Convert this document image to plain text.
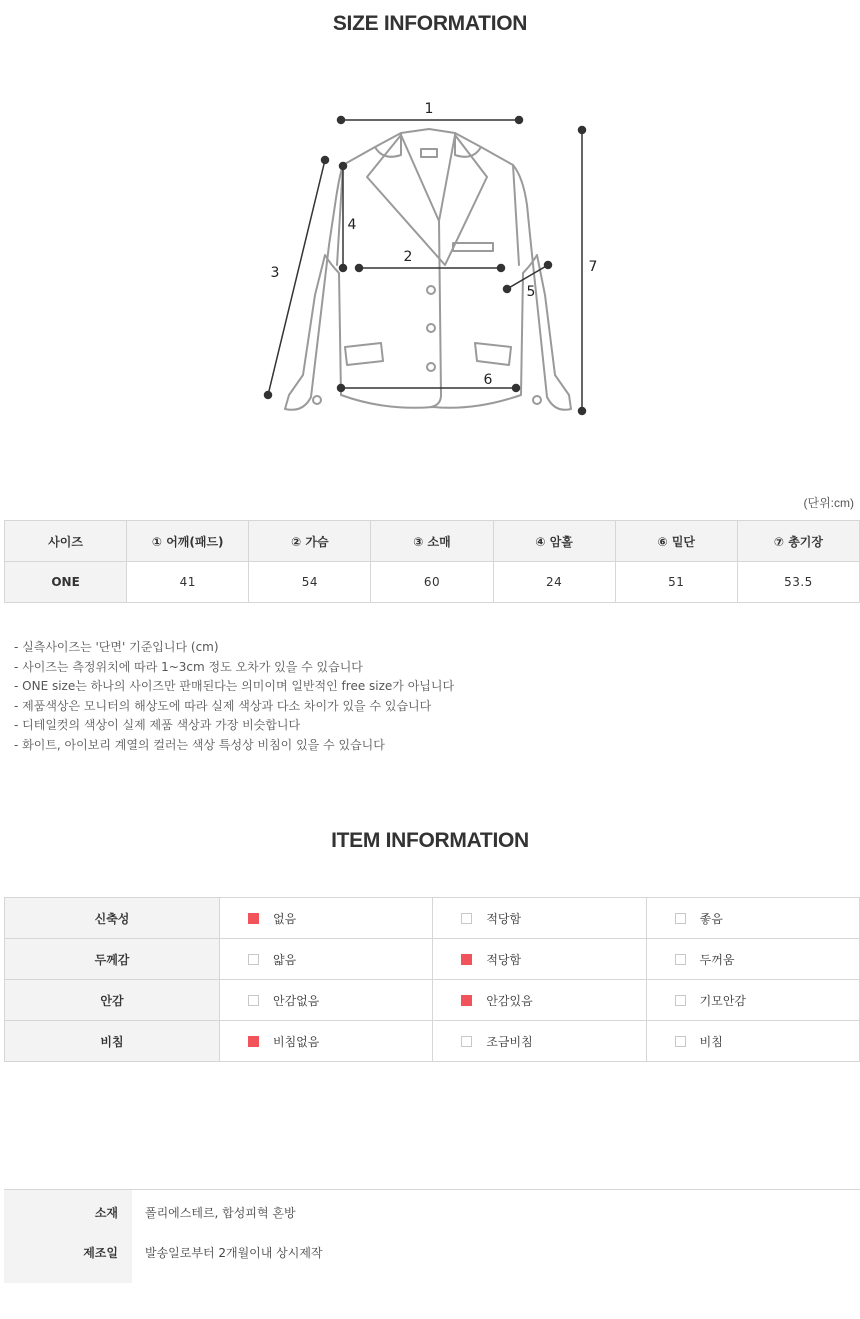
SIZE INFORMATION
1
2
3
4
5
6
7
(단위:cm)
사이즈	① 어깨(패드)	② 가슴	③ 소매	④ 암홀	⑥ 밑단	⑦ 총기장
ONE	41	54	60	24	51	53.5
- 실측사이즈는 '단면' 기준입니다 (cm)
- 사이즈는 측정위치에 따라 1~3cm 정도 오차가 있을 수 있습니다
- ONE size는 하나의 사이즈만 판매된다는 의미이며 일반적인 free size가 아닙니다
- 제품색상은 모니터의 해상도에 따라 실제 색상과 다소 차이가 있을 수 있습니다
- 디테일컷의 색상이 실제 제품 색상과 가장 비슷합니다
- 화이트, 아이보리 계열의 컬러는 색상 특성상 비침이 있을 수 있습니다
ITEM INFORMATION
신축성	없음	적당함	좋음
두께감	얇음	적당함	두꺼움
안감	안감없음	안감있음	기모안감
비침	비침없음	조금비침	비침
소재 폴리에스테르, 합성피혁 혼방
제조일 발송일로부터 2개월이내 상시제작
